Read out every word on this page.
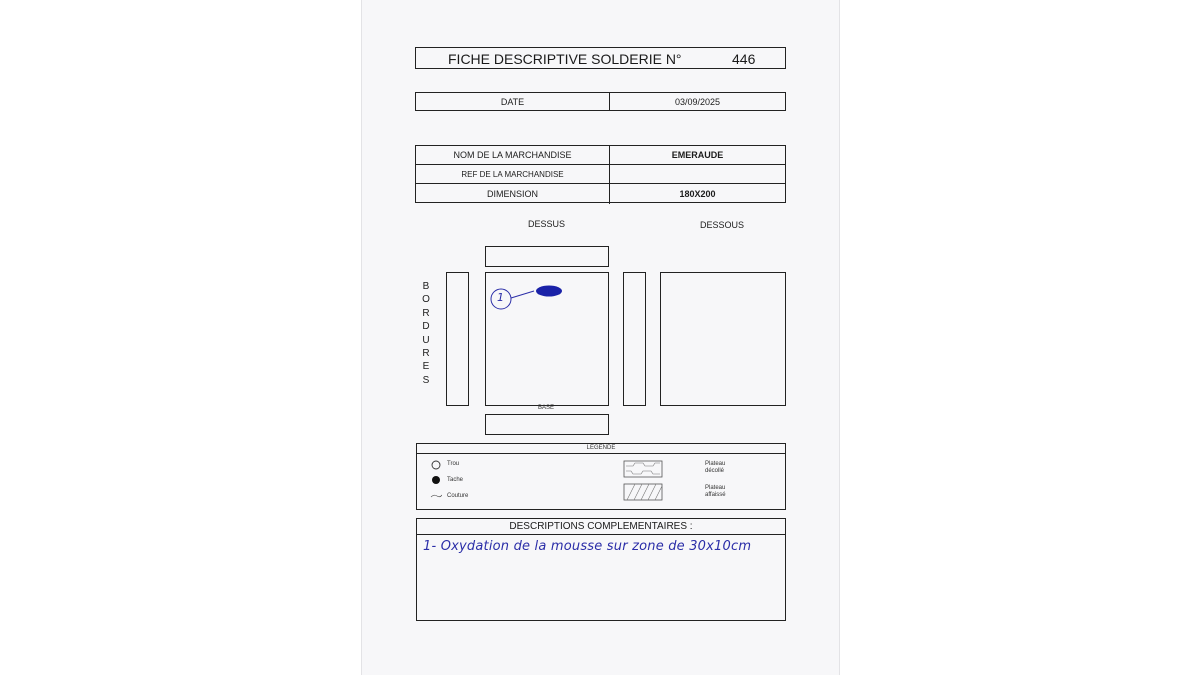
FICHE DESCRIPTIVE SOLDERIE N°	446
DATE	03/09/2025
NOM DE LA MARCHANDISE	EMERAUDE
REF DE LA MARCHANDISE
DIMENSION	180X200
DESSUS	DESSOUS
BORDURES
BASE
1
LEGENDE
Trou
Tache
Couture
Plateau décollé
Plateau affaissé
DESCRIPTIONS COMPLEMENTAIRES :
1- Oxydation de la mousse sur zone de 30x10cm
